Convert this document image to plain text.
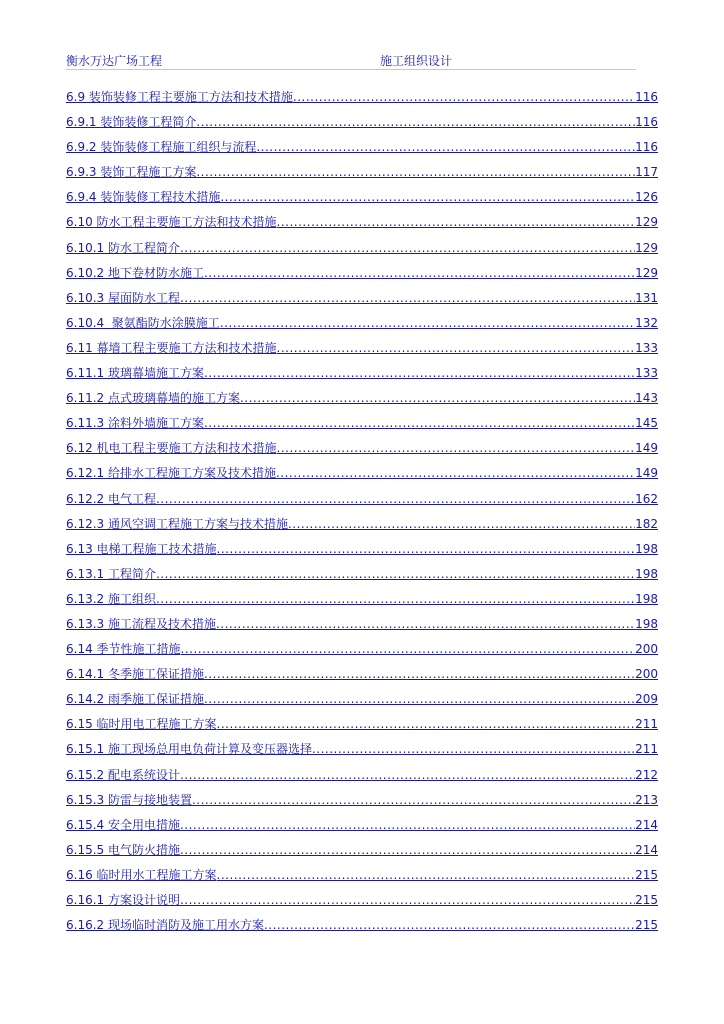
衡水万达广场工程	施工组织设计
6.9 装饰装修工程主要施工方法和技术措施 .....	116
6.9.1 装饰装修工程简介 .....	116
6.9.2 装饰装修工程施工组织与流程 .....	116
6.9.3 装饰工程施工方案 .....	117
6.9.4 装饰装修工程技术措施 .....	126
6.10 防水工程主要施工方法和技术措施 .....	129
6.10.1 防水工程简介 .....	129
6.10.2 地下卷材防水施工 .....	129
6.10.3 屋面防水工程 .....	131
6.10.4  聚氨酯防水涂膜施工 .....	132
6.11 幕墙工程主要施工方法和技术措施 .....	133
6.11.1 玻璃幕墙施工方案 .....	133
6.11.2 点式玻璃幕墙的施工方案 .....	143
6.11.3 涂料外墙施工方案 .....	145
6.12 机电工程主要施工方法和技术措施 .....	149
6.12.1 给排水工程施工方案及技术措施 .....	149
6.12.2 电气工程 .....	162
6.12.3 通风空调工程施工方案与技术措施 .....	182
6.13 电梯工程施工技术措施 .....	198
6.13.1 工程简介 .....	198
6.13.2 施工组织 .....	198
6.13.3 施工流程及技术措施 .....	198
6.14 季节性施工措施 .....	200
6.14.1 冬季施工保证措施 .....	200
6.14.2 雨季施工保证措施 .....	209
6.15 临时用电工程施工方案 .....	211
6.15.1 施工现场总用电负荷计算及变压器选择 .....	211
6.15.2 配电系统设计 .....	212
6.15.3 防雷与接地装置 .....	213
6.15.4 安全用电措施 .....	214
6.15.5 电气防火措施 .....	214
6.16 临时用水工程施工方案 .....	215
6.16.1 方案设计说明 .....	215
6.16.2 现场临时消防及施工用水方案 .....	215
